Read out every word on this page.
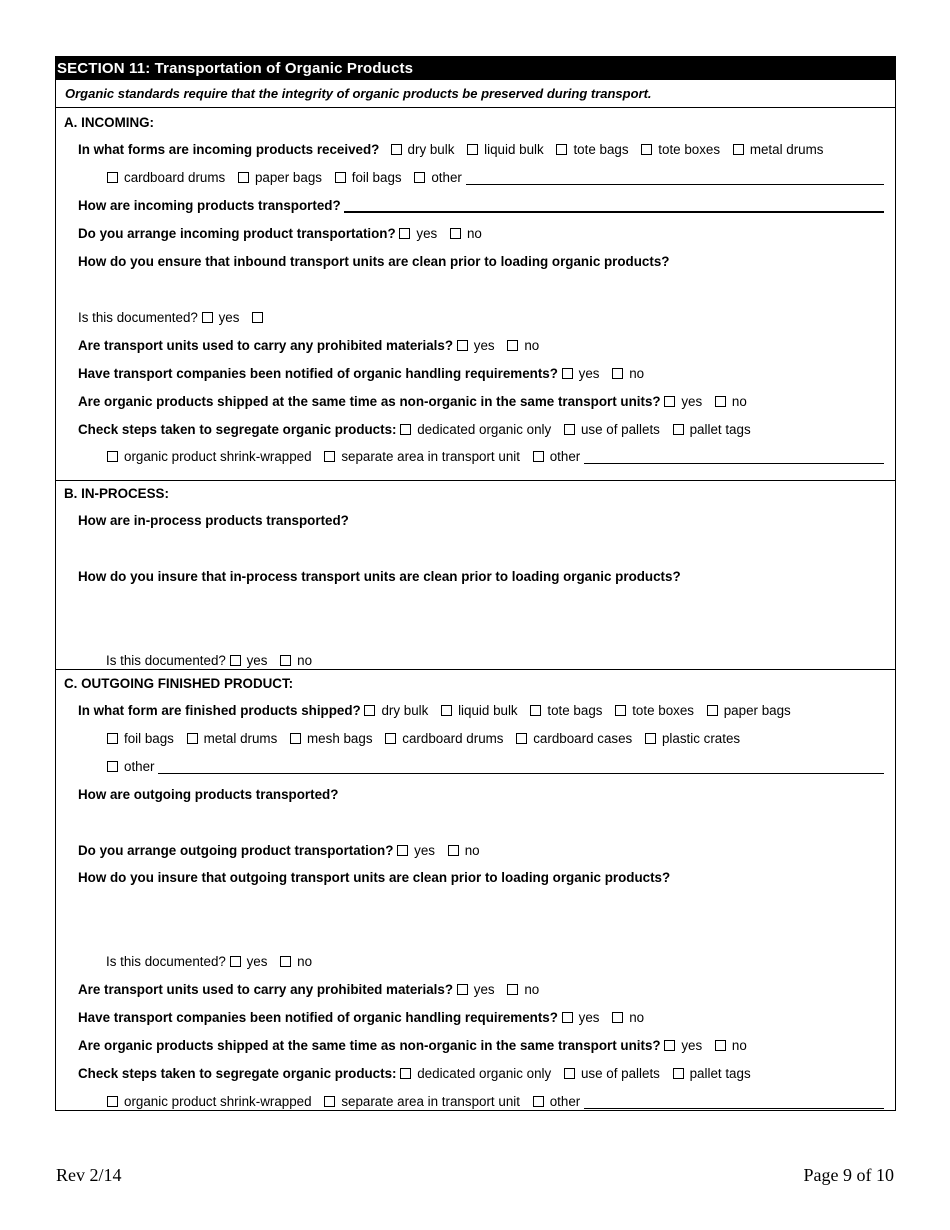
SECTION 11: Transportation of Organic Products
Organic standards require that the integrity of organic products be preserved during transport.
A. INCOMING:
In what forms are incoming products received? dry bulk liquid bulk tote bags tote boxes metal drums
cardboard drums paper bags foil bags other
How are incoming products transported?
Do you arrange incoming product transportation? yes no
How do you ensure that inbound transport units are clean prior to loading organic products?
Is this documented? yes
Are transport units used to carry any prohibited materials? yes no
Have transport companies been notified of organic handling requirements? yes no
Are organic products shipped at the same time as non-organic in the same transport units? yes no
Check steps taken to segregate organic products: dedicated organic only use of pallets pallet tags
organic product shrink-wrapped separate area in transport unit other
B. IN-PROCESS:
How are in-process products transported?
How do you insure that in-process transport units are clean prior to loading organic products?
Is this documented? yes no
C. OUTGOING FINISHED PRODUCT:
In what form are finished products shipped? dry bulk liquid bulk tote bags tote boxes paper bags
foil bags metal drums mesh bags cardboard drums cardboard cases plastic crates
other
How are outgoing products transported?
Do you arrange outgoing product transportation? yes no
How do you insure that outgoing transport units are clean prior to loading organic products?
Is this documented? yes no
Are transport units used to carry any prohibited materials? yes no
Have transport companies been notified of organic handling requirements? yes no
Are organic products shipped at the same time as non-organic in the same transport units? yes no
Check steps taken to segregate organic products: dedicated organic only use of pallets pallet tags
organic product shrink-wrapped separate area in transport unit other
Rev 2/14	Page 9 of 10
